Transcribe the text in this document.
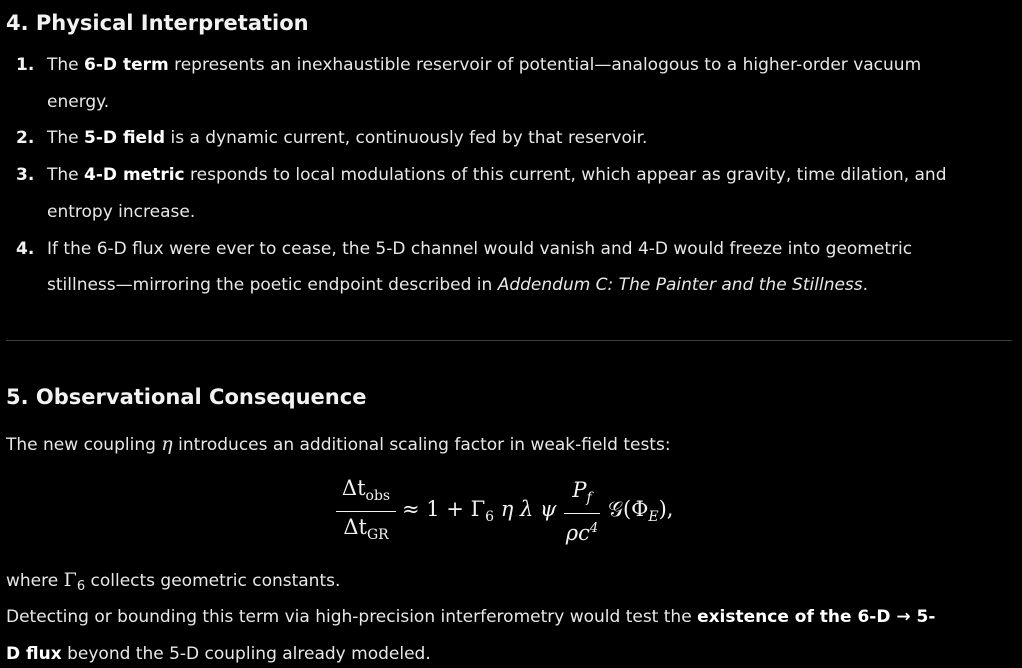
4. Physical Interpretation
1. The 6-D term represents an inexhaustible reservoir of potential—analogous to a higher-order vacuum
energy.
2. The 5-D field is a dynamic current, continuously fed by that reservoir.
3. The 4-D metric responds to local modulations of this current, which appear as gravity, time dilation, and
entropy increase.
4. If the 6-D flux were ever to cease, the 5-D channel would vanish and 4-D would freeze into geometric
stillness—mirroring the poetic endpoint described in Addendum C: The Painter and the Stillness.
5. Observational Consequence
The new coupling η introduces an additional scaling factor in weak-field tests:
$\Delta t_{obs}$
$\Delta t_{GR}$
≈ $1 + \Gamma_6$ η λ ψ
$P_f$
$\rho c^4$
$𝒢(\Phi_E)$,
where $\Gamma_6$ collects geometric constants.
Detecting or bounding this term via high-precision interferometry would test the existence of the 6-D → 5-
D flux beyond the 5-D coupling already modeled.
